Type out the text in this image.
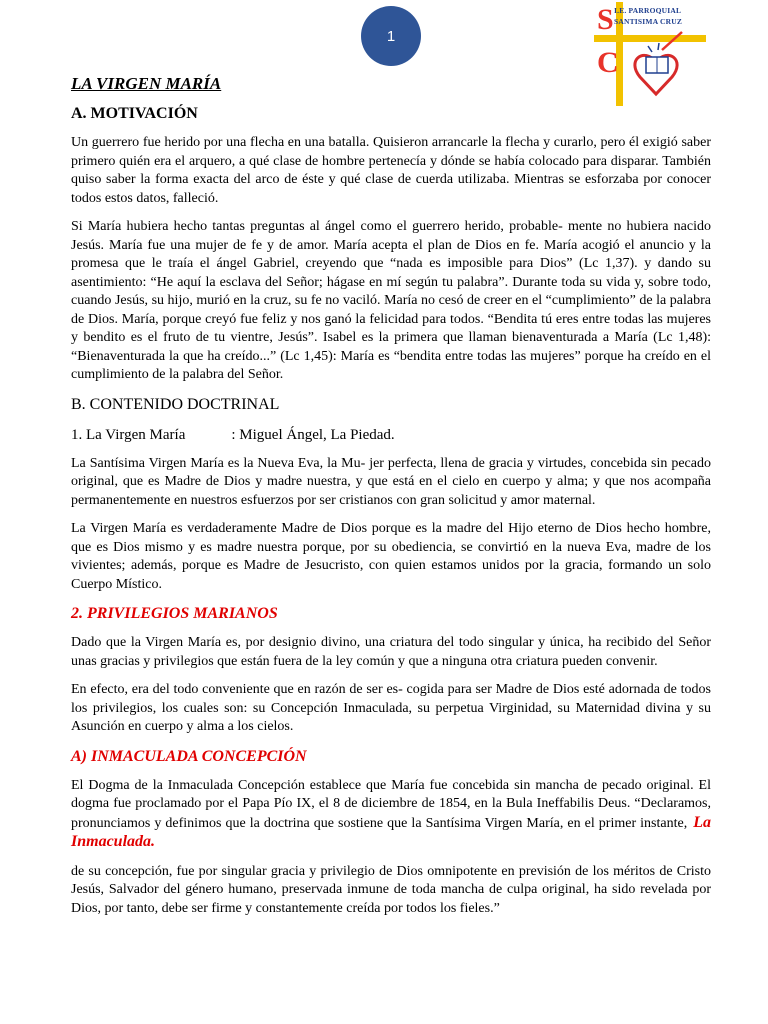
1	S
C
I.E. PARROQUIAL
SANTISIMA CRUZ
LA VIRGEN MARÍA
A. MOTIVACIÓN

Un guerrero fue herido por una flecha en una batalla. Quisieron arrancarle la flecha y curarlo, pero él exigió saber primero quién era el arquero, a qué clase de hombre pertenecía y dónde se había colocado para disparar. También quiso saber la forma exacta del arco de éste y qué clase de cuerda utilizaba. Mientras se esforzaba por conocer todos estos datos, falleció.

Si María hubiera hecho tantas preguntas al ángel como el guerrero herido, probable- mente no hubiera nacido Jesús. María fue una mujer de fe y de amor. María acepta el plan de Dios en fe. María acogió el anuncio y la promesa que le traía el ángel Gabriel, creyendo que “nada es imposible para Dios” (Lc 1,37). y dando su asentimiento: “He aquí la esclava del Señor; hágase en mí según tu palabra”. Durante toda su vida y, sobre todo, cuando Jesús, su hijo, murió en la cruz, su fe no vaciló. María no cesó de creer en el “cumplimiento” de la palabra de Dios. María, porque creyó fue feliz y nos ganó la felicidad para todos. “Bendita tú eres entre todas las mujeres y bendito es el fruto de tu vientre, Jesús”. Isabel es la primera que llaman bienaventurada a María (Lc 1,48): “Bienaventurada la que ha creído...” (Lc 1,45): María es “bendita entre todas las mujeres” porque ha creído en el cumplimiento de la palabra del Señor.

B. CONTENIDO DOCTRINAL
1. La Virgen María	: Miguel Ángel, La Piedad.

La Santísima Virgen María es la Nueva Eva, la Mu- jer perfecta, llena de gracia y virtudes, concebida sin pecado original, que es Madre de Dios y madre nuestra, y que está en el cielo en cuerpo y alma; y que nos acompaña permanentemente en nuestros esfuerzos por ser cristianos con gran solicitud y amor maternal.

La Virgen María es verdaderamente Madre de Dios porque es la madre del Hijo eterno de Dios hecho hombre, que es Dios mismo y es madre nuestra porque, por su obediencia, se convirtió en la nueva Eva, madre de los vivientes; además, porque es Madre de Jesucristo, con quien estamos unidos por la gracia, formando un solo Cuerpo Místico.

2. PRIVILEGIOS MARIANOS

Dado que la Virgen María es, por designio divino, una criatura del todo singular y única, ha recibido del Señor unas gracias y privilegios que están fuera de la ley común y que a ninguna otra criatura pueden convenir.

En efecto, era del todo conveniente que en razón de ser es- cogida para ser Madre de Dios esté adornada de todos los privilegios, los cuales son: su Concepción Inmaculada, su perpetua Virginidad, su Maternidad divina y su Asunción en cuerpo y alma a los cielos.

A) INMACULADA CONCEPCIÓN

El Dogma de la Inmaculada Concepción establece que María fue concebida sin mancha de pecado original. El dogma fue proclamado por el Papa Pío IX, el 8 de diciembre de 1854, en la Bula Ineffabilis Deus. “Declaramos, pronunciamos y definimos que la doctrina que sostiene que la Santísima Virgen María, en el primer instante, La Inmaculada.

de su concepción, fue por singular gracia y privilegio de Dios omnipotente en previsión de los méritos de Cristo Jesús, Salvador del género humano, preservada inmune de toda mancha de culpa original, ha sido revelada por Dios, por tanto, debe ser firme y constantemente creída por todos los fieles.”
